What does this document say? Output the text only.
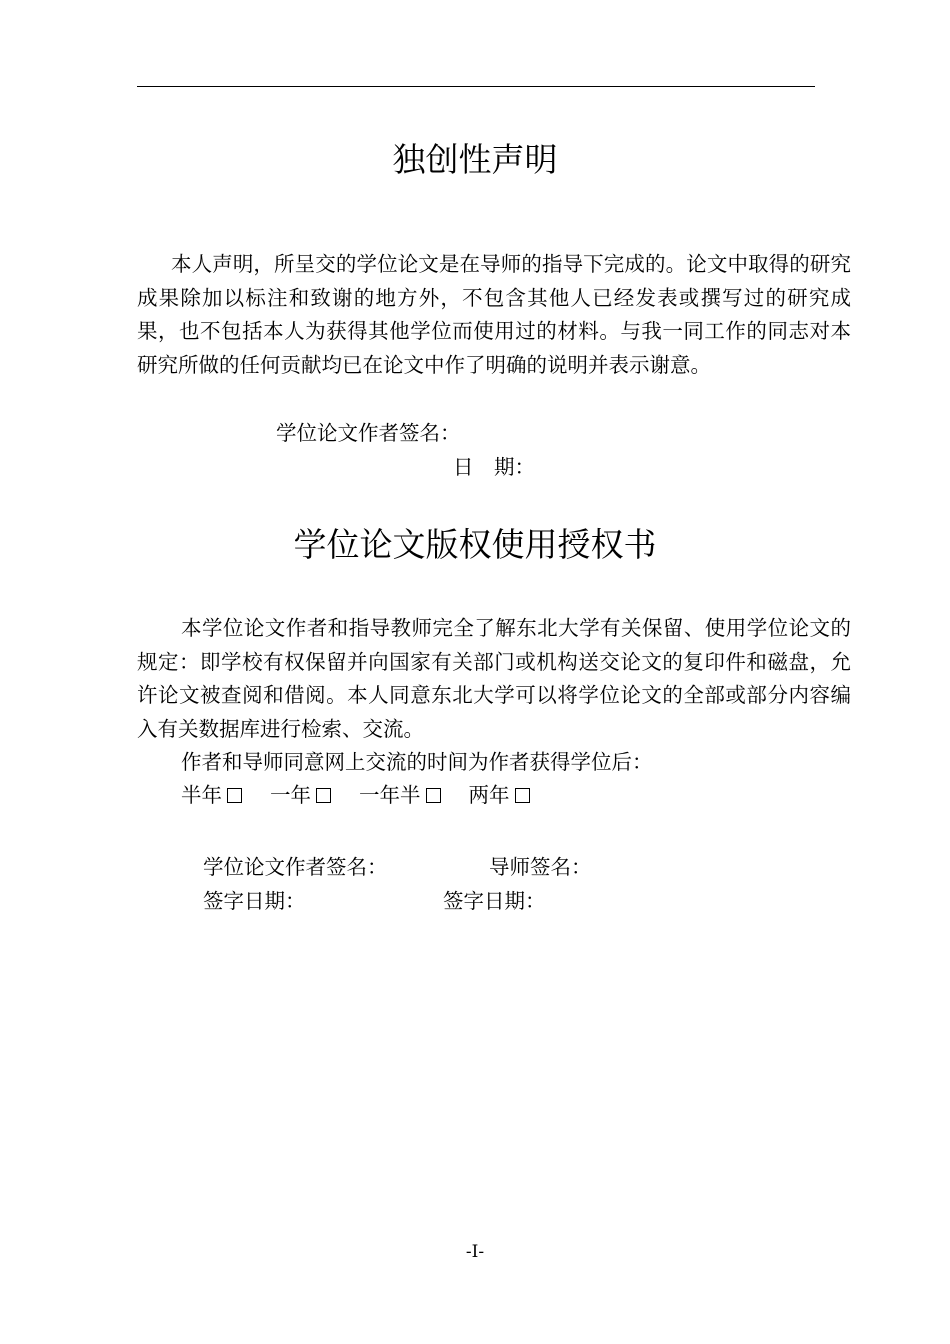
独创性声明
本人声明，所呈交的学位论文是在导师的指导下完成的。论文中取得的研究成果除加以标注和致谢的地方外，不包含其他人已经发表或撰写过的研究成果，也不包括本人为获得其他学位而使用过的材料。与我一同工作的同志对本研究所做的任何贡献均已在论文中作了明确的说明并表示谢意。
学位论文作者签名：
日　期：
学位论文版权使用授权书
本学位论文作者和指导教师完全了解东北大学有关保留、使用学位论文的规定：即学校有权保留并向国家有关部门或机构送交论文的复印件和磁盘，允许论文被查阅和借阅。本人同意东北大学可以将学位论文的全部或部分内容编入有关数据库进行检索、交流。
作者和导师同意网上交流的时间为作者获得学位后：
半年 一年 一年半 两年
学位论文作者签名：	导师签名：
签字日期：	签字日期：
-I-
